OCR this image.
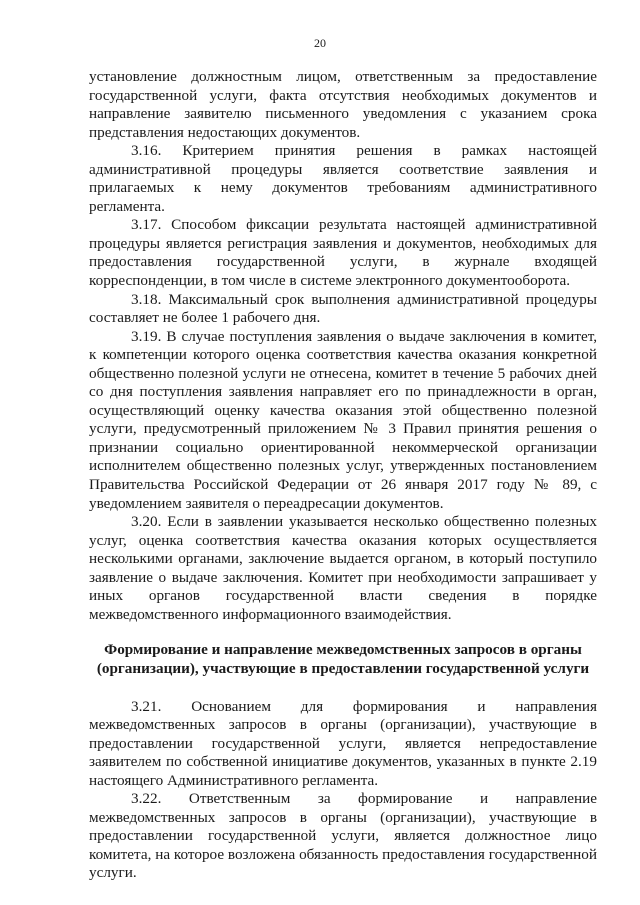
20

установление должностным лицом, ответственным за предоставление государственной услуги, факта отсутствия необходимых документов и направление заявителю письменного уведомления с указанием срока представления недостающих документов.

3.16. Критерием принятия решения в рамках настоящей административной процедуры является соответствие заявления и прилагаемых к нему документов требованиям административного регламента.

3.17. Способом фиксации результата настоящей административной процедуры является регистрация заявления и документов, необходимых для предоставления государственной услуги, в журнале входящей корреспонденции, в том числе в системе электронного документооборота.

3.18. Максимальный срок выполнения административной процедуры составляет не более 1 рабочего дня.

3.19. В случае поступления заявления о выдаче заключения в комитет, к компетенции которого оценка соответствия качества оказания конкретной общественно полезной услуги не отнесена, комитет в течение 5 рабочих дней со дня поступления заявления направляет его по принадлежности в орган, осуществляющий оценку качества оказания этой общественно полезной услуги, предусмотренный приложением № 3 Правил принятия решения о признании социально ориентированной некоммерческой организации исполнителем общественно полезных услуг, утвержденных постановлением Правительства Российской Федерации от 26 января 2017 году № 89, с уведомлением заявителя о переадресации документов.

3.20. Если в заявлении указывается несколько общественно полезных услуг, оценка соответствия качества оказания которых осуществляется несколькими органами, заключение выдается органом, в который поступило заявление о выдаче заключения. Комитет при необходимости запрашивает у иных органов государственной власти сведения в порядке межведомственного информационного взаимодействия.

Формирование и направление межведомственных запросов в органы

(организации), участвующие в предоставлении государственной услуги

3.21. Основанием для формирования и направления межведомственных запросов в органы (организации), участвующие в предоставлении государственной услуги, является непредоставление заявителем по собственной инициативе документов, указанных в пункте 2.19 настоящего Административного регламента.

3.22. Ответственным за формирование и направление межведомственных запросов в органы (организации), участвующие в предоставлении государственной услуги, является должностное лицо комитета, на которое возложена обязанность предоставления государственной услуги.
